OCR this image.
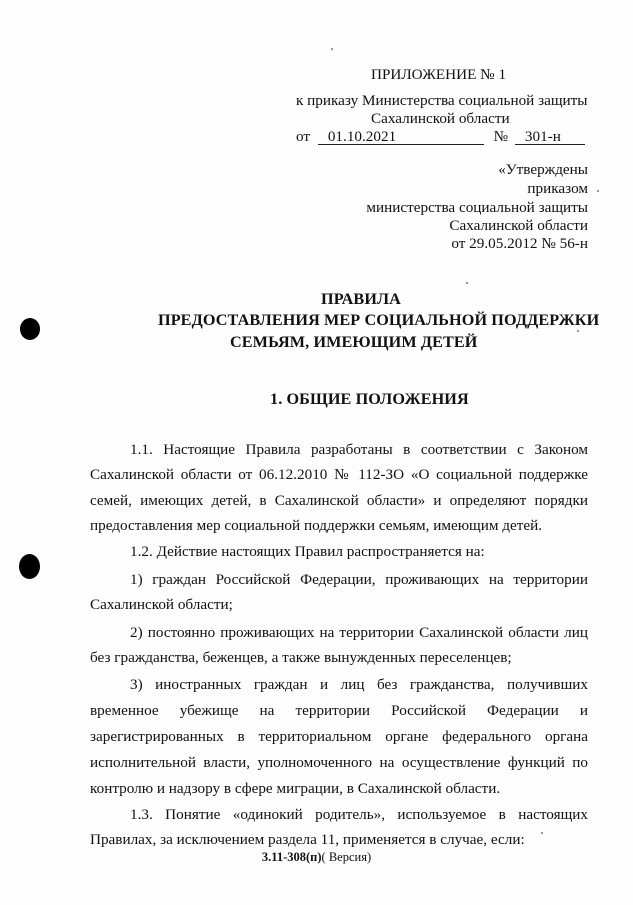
ПРИЛОЖЕНИЕ № 1
к приказу Министерства социальной защиты
Сахалинской области
от 01.10.2021	№ 301-н
«Утверждены
приказом
министерства социальной защиты
Сахалинской области
от 29.05.2012 № 56-н
ПРАВИЛА
ПРЕДОСТАВЛЕНИЯ МЕР СОЦИАЛЬНОЙ ПОДДЕРЖКИ
СЕМЬЯМ, ИМЕЮЩИМ ДЕТЕЙ
1. ОБЩИЕ ПОЛОЖЕНИЯ
1.1. Настоящие Правила разработаны в соответствии с Законом
Сахалинской области от 06.12.2010 № 112-ЗО «О социальной поддержке
семей, имеющих детей, в Сахалинской области» и определяют порядки
предоставления мер социальной поддержки семьям, имеющим детей.
1.2. Действие настоящих Правил распространяется на:
1) граждан Российской Федерации, проживающих на территории
Сахалинской области;
2) постоянно проживающих на территории Сахалинской области лиц
без гражданства, беженцев, а также вынужденных переселенцев;
3) иностранных граждан и лиц без гражданства, получивших
временное убежище на территории Российской Федерации и
зарегистрированных в территориальном органе федерального органа
исполнительной власти, уполномоченного на осуществление функций по
контролю и надзору в сфере миграции, в Сахалинской области.
1.3. Понятие «одинокий родитель», используемое в настоящих
Правилах, за исключением раздела 11, применяется в случае, если:
3.11-308(п)( Версия)
